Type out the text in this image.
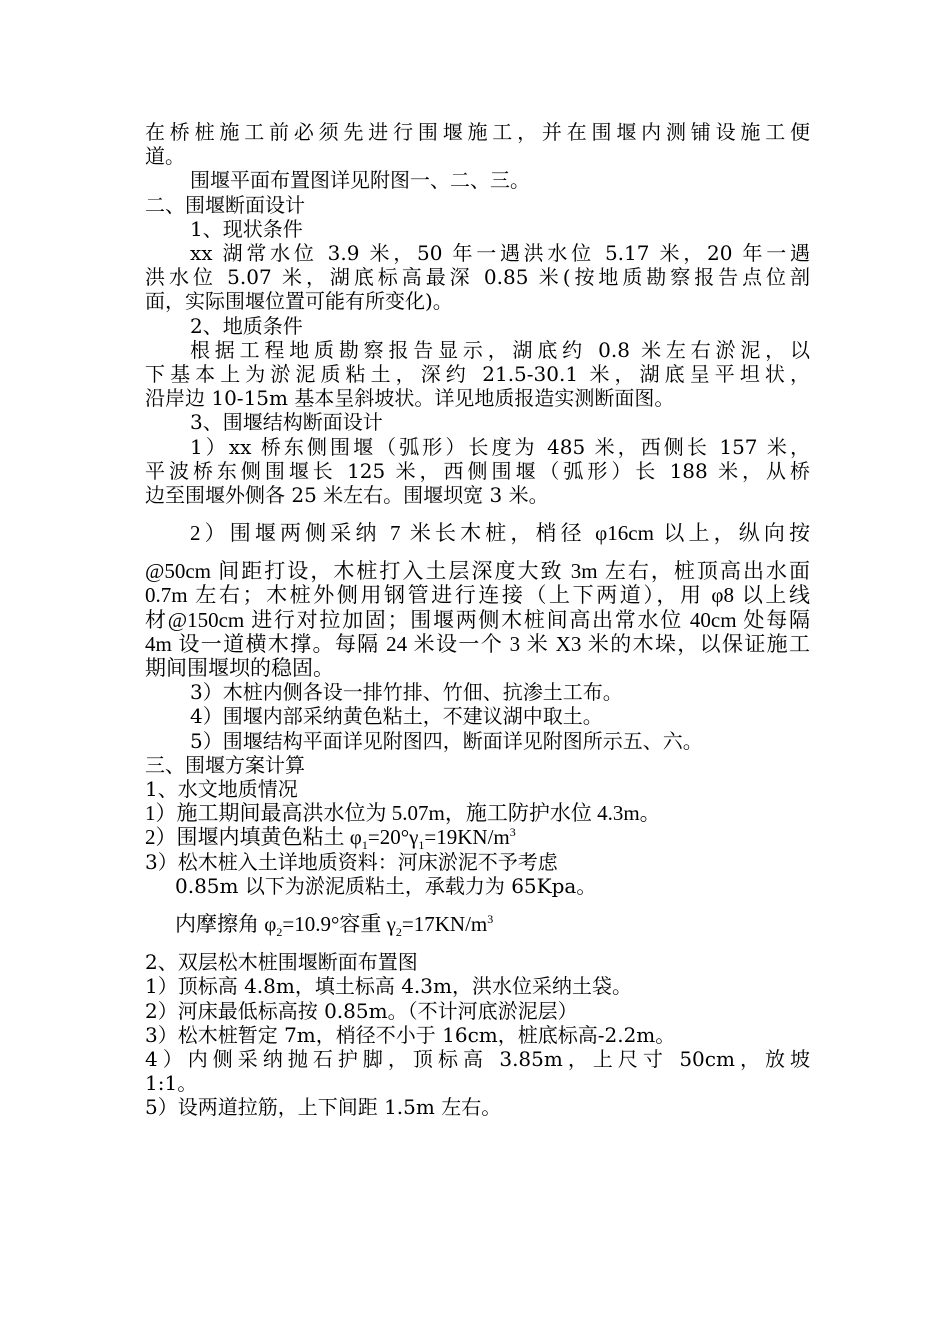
在桥桩施工前必须先进行围堰施工，并在围堰内测铺设施工便

道。

围堰平面布置图详见附图一、二、三。

二、围堰断面设计

1、现状条件

xx 湖常水位 3.9 米，50 年一遇洪水位 5.17 米，20 年一遇

洪水位 5.07 米，湖底标高最深 0.85 米(按地质勘察报告点位剖

面，实际围堰位置可能有所变化)。

2、地质条件

根据工程地质勘察报告显示，湖底约 0.8 米左右淤泥，以

下基本上为淤泥质粘土，深约 21.5-30.1 米，湖底呈平坦状，

沿岸边 10-15m 基本呈斜坡状。详见地质报造实测断面图。

3、围堰结构断面设计

1）xx 桥东侧围堰（弧形）长度为 485 米，西侧长 157 米，

平波桥东侧围堰长 125 米，西侧围堰（弧形）长 188 米，从桥

边至围堰外侧各 25 米左右。围堰坝宽 3 米。

2）围堰两侧采纳 7 米长木桩，梢径 φ16cm 以上，纵向按

@50cm 间距打设，木桩打入土层深度大致 3m 左右，桩顶高出水面

0.7m 左右；木桩外侧用钢管进行连接（上下两道），用 φ8 以上线

材@150cm 进行对拉加固；围堰两侧木桩间高出常水位 40cm 处每隔

4m 设一道横木撑。每隔 24 米设一个 3 米 X3 米的木垛，以保证施工

期间围堰坝的稳固。

3）木桩内侧各设一排竹排、竹佃、抗渗土工布。

4）围堰内部采纳黄色粘土，不建议湖中取土。

5）围堰结构平面详见附图四，断面详见附图所示五、六。

三、围堰方案计算

1、水文地质情况

1）施工期间最高洪水位为 5.07m，施工防护水位 4.3m。

2）围堰内填黄色粘土 $\varphi_1=20^\circ\gamma_1=19KN/m^3$

3）松木桩入土详地质资料：河床淤泥不予考虑

0.85m 以下为淤泥质粘土，承载力为 65Kpa。

内摩擦角 $\varphi_2=10.9^\circ$容重 $\gamma_2=17KN/m^3$

2、双层松木桩围堰断面布置图

1）顶标高 4.8m，填土标高 4.3m，洪水位采纳土袋。

2）河床最低标高按 0.85m。（不计河底淤泥层）

3）松木桩暂定 7m，梢径不小于 16cm，桩底标高-2.2m。

4）内侧采纳抛石护脚，顶标高 3.85m，上尺寸 50cm，放坡

1:1。

5）设两道拉筋，上下间距 1.5m 左右。
